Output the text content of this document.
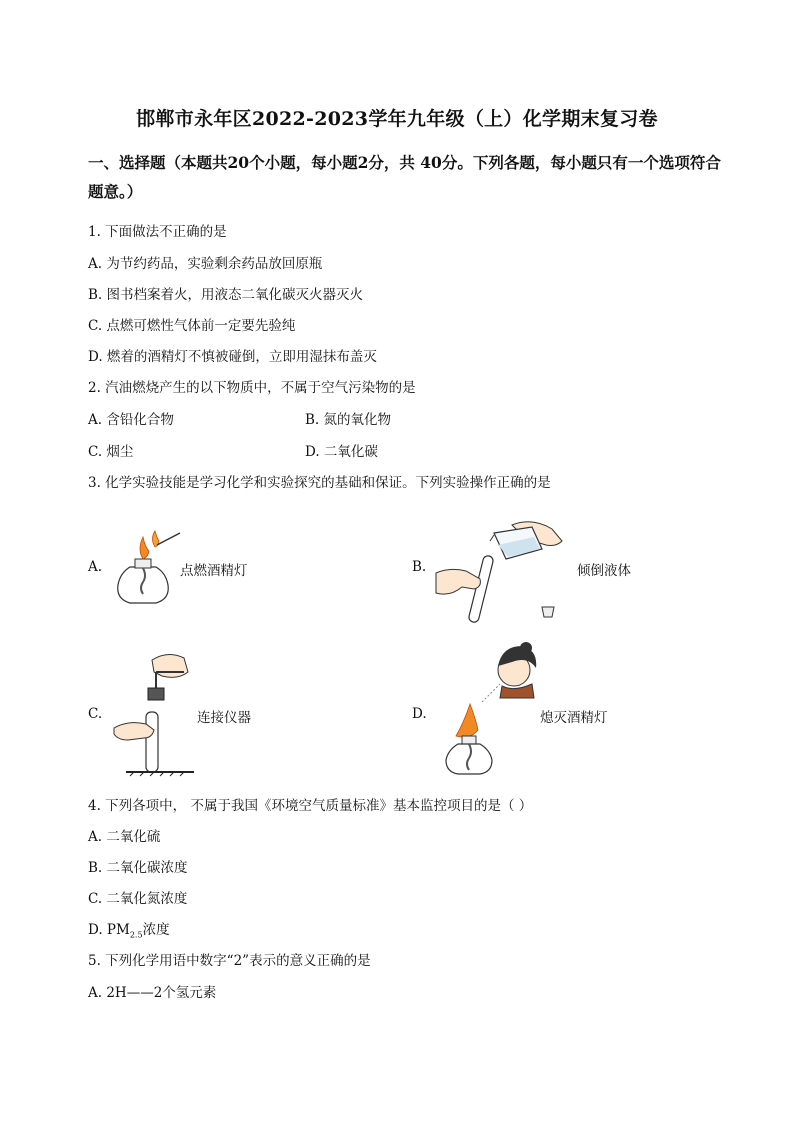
邯郸市永年区2022-2023学年九年级（上）化学期末复习卷
一、选择题（本题共20个小题，每小题2分，共 40分。下列各题，每小题只有一个选项符合题意。）
1. 下面做法不正确的是
A. 为节约药品，实验剩余药品放回原瓶
B. 图书档案着火，用液态二氧化碳灭火器灭火
C. 点燃可燃性气体前一定要先验纯
D. 燃着的酒精灯不慎被碰倒，立即用湿抹布盖灭
2. 汽油燃烧产生的以下物质中，不属于空气污染物的是
A. 含铅化合物	B. 氮的氧化物
C. 烟尘	D. 二氧化碳
3. 化学实验技能是学习化学和实验探究的基础和保证。下列实验操作正确的是
A.	点燃酒精灯	B.	倾倒液体
C.	连接仪器	D.	熄灭酒精灯
4. 下列各项中， 不属于我国《环境空气质量标准》基本监控项目的是（ ）
A. 二氧化硫
B. 二氧化碳浓度
C. 二氧化氮浓度
D. $PM_{2.5}$浓度
5. 下列化学用语中数字“2”表示的意义正确的是
A. 2H——2个氢元素
